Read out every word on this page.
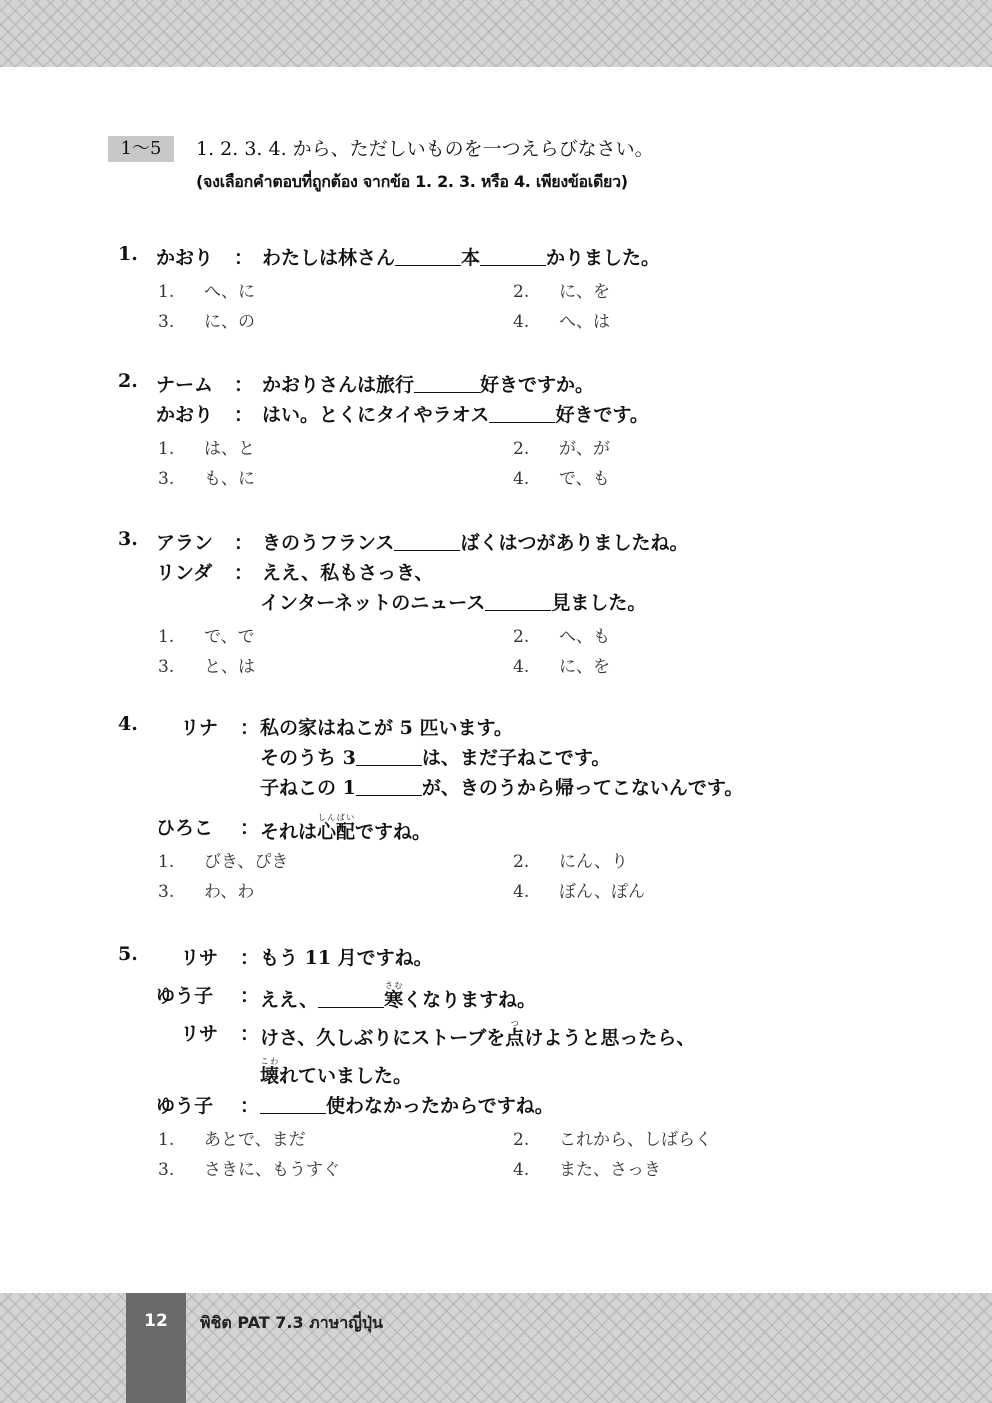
1〜5	1. 2. 3. 4. から、ただしいものを一つえらびなさい。
(จงเลือกคำตอบที่ถูกต้อง จากข้อ 1. 2. 3. หรือ 4. เพียงข้อเดียว)
1. かおり	： わたしは林さん	本	かりました。
1. へ、に	2. に、を
3. に、の	4. へ、は
2. ナーム	： かおりさんは旅行	好きですか。
かおり	： はい。とくにタイやラオス	好きです。
1. は、と	2. が、が
3. も、に	4. で、も
3. アラン	： きのうフランス	ばくはつがありましたね。
リンダ	： ええ、私もさっき、
インターネットのニュース	見ました。
1. で、で	2. へ、も
3. と、は	4. に、を
4.	リナ ： 私の家はねこが 5 匹います。
そのうち 3	は、まだ子ねこです。
子ねこの 1	が、きのうから帰ってこないんです。
ひろこ	： それは心配しんぱいですね。
1. びき、ぴき	2. にん、り
3. わ、わ	4. ぼん、ぽん
5.	リサ ： もう 11 月ですね。
ゆう子	： ええ、	寒さむくなりますね。
リサ ： けさ、久しぶりにストーブを点つけようと思ったら、
壊こわれていました。
ゆう子	：	使わなかったからですね。
1. あとで、まだ	2. これから、しばらく
3. さきに、もうすぐ	4. また、さっき
12	พิชิต PAT 7.3 ภาษาญี่ปุ่น
